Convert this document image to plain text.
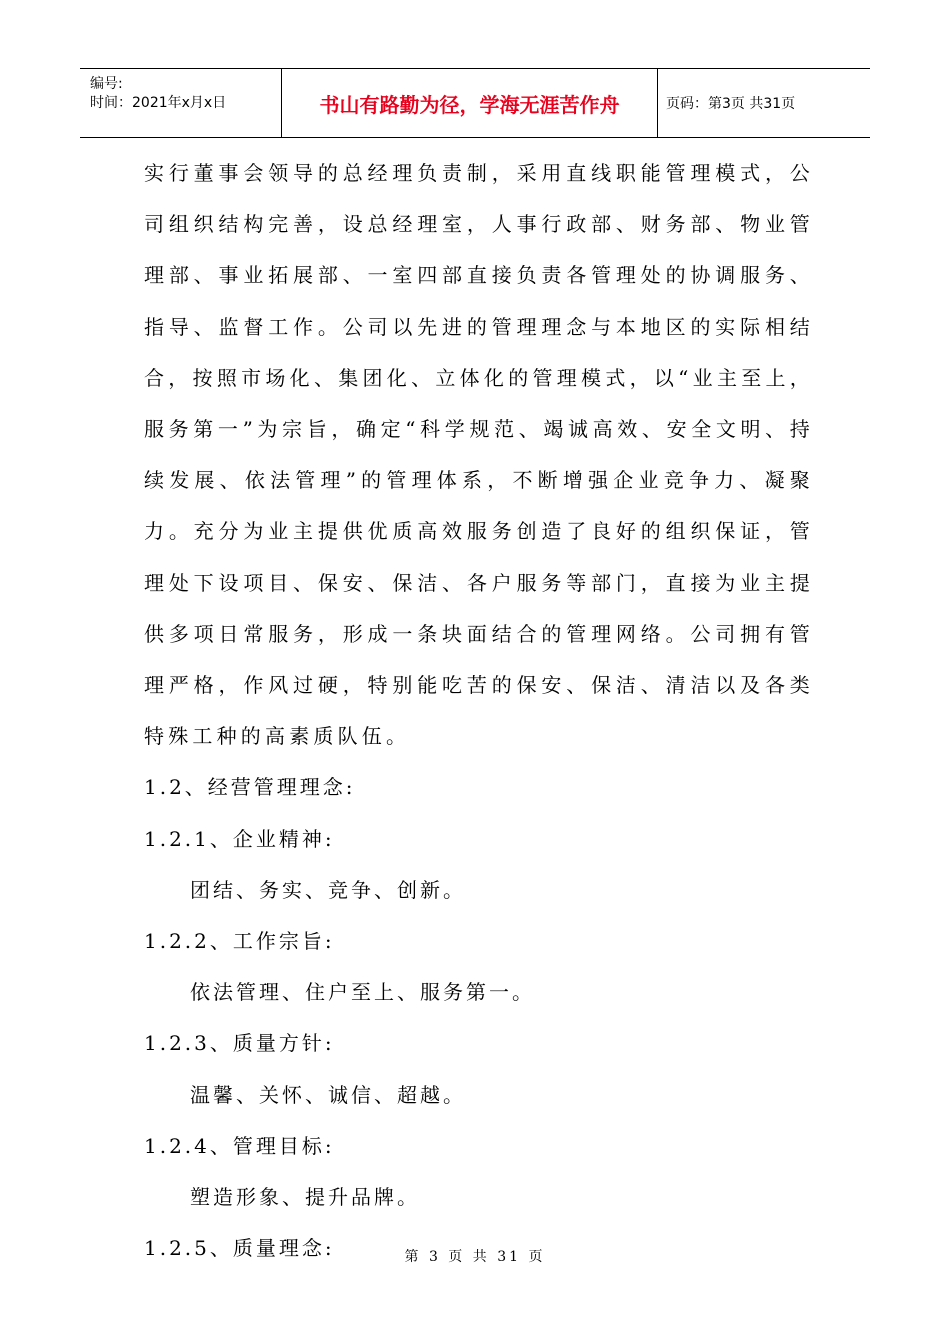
编号:
时间：2021年x月x日	书山有路勤为径，学海无涯苦作舟	页码：第3页 共31页

实行董事会领导的总经理负责制，采用直线职能管理模式，公司组织结构完善，设总经理室，人事行政部、财务部、物业管理部、事业拓展部、一室四部直接负责各管理处的协调服务、指导、监督工作。公司以先进的管理理念与本地区的实际相结合，按照市场化、集团化、立体化的管理模式，以“业主至上，服务第一”为宗旨，确定“科学规范、竭诚高效、安全文明、持续发展、依法管理”的管理体系，不断增强企业竞争力、凝聚力。充分为业主提供优质高效服务创造了良好的组织保证，管理处下设项目、保安、保洁、各户服务等部门，直接为业主提供多项日常服务，形成一条块面结合的管理网络。公司拥有管理严格，作风过硬，特别能吃苦的保安、保洁、清洁以及各类特殊工种的高素质队伍。

1.2、经营管理理念:
1.2.1、企业精神:
团结、务实、竞争、创新。
1.2.2、工作宗旨:
依法管理、住户至上、服务第一。
1.2.3、质量方针:
温馨、关怀、诚信、超越。
1.2.4、管理目标:
塑造形象、提升品牌。
1.2.5、质量理念:	第 3 页 共 31 页
